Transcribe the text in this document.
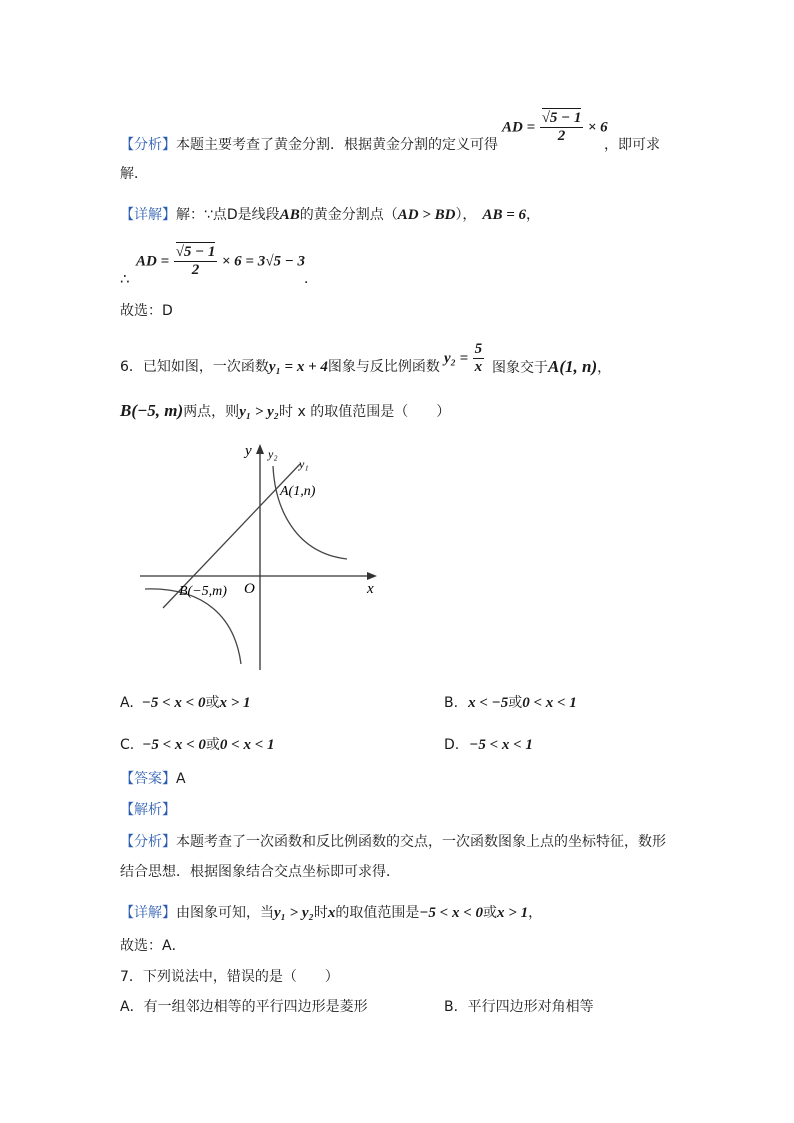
AD = $\frac{√5 - 1}{2} \times 6$
【分析】本题主要考查了黄金分割．根据黄金分割的定义可得	，即可求
解．
【详解】解：∵点D是线段AB的黄金分割点（AD > BD）， AB = 6，
AD = $\frac{√5 - 1}{2} \times 6 = 3√5 - 3$
∴	．
故选：D
6．已知如图，一次函数y₁ = x + 4图象与反比例函数
$y_2 = \frac{5}{x}$ 图象交于A(1, n)，
B(−5, m)两点，则y₁ > y₂时 x 的取值范围是（　　）
y y₂
y₁
A(1,n)
B(−5,m) O	x
A. −5 < x < 0或x > 1	B. x < −5或0 < x < 1
C. −5 < x < 0或0 < x < 1	D. −5 < x < 1
【答案】A
【解析】
【分析】本题考查了一次函数和反比例函数的交点，一次函数图象上点的坐标特征，数形
结合思想．根据图象结合交点坐标即可求得．
【详解】由图象可知，当y₁ > y₂时x的取值范围是−5 < x < 0或x > 1，
故选：A．
7．下列说法中，错误的是（　　）
A．有一组邻边相等的平行四边形是菱形	B．平行四边形对角相等
